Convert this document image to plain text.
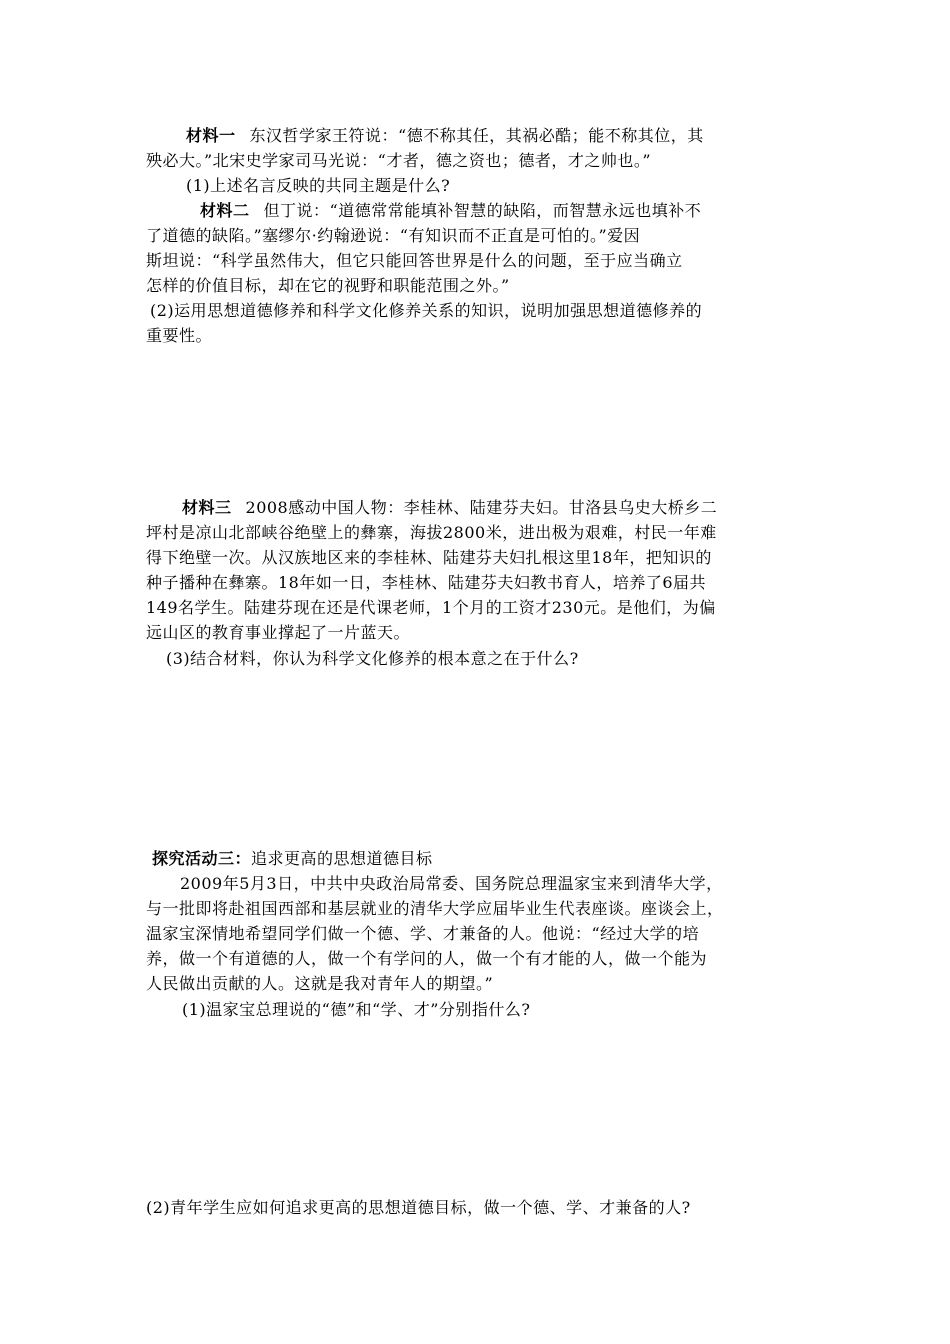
材料一 东汉哲学家王符说：“德不称其任，其祸必酷；能不称其位，其
殃必大。”北宋史学家司马光说：“才者，德之资也；德者，才之帅也。”
(1)上述名言反映的共同主题是什么?
材料二 但丁说：“道德常常能填补智慧的缺陷，而智慧永远也填补不
了道德的缺陷。”塞缪尔·约翰逊说：“有知识而不正直是可怕的。”爱因
斯坦说：“科学虽然伟大，但它只能回答世界是什么的问题，至于应当确立
怎样的价值目标，却在它的视野和职能范围之外。”
(2)运用思想道德修养和科学文化修养关系的知识，说明加强思想道德修养的
重要性。
材料三 2008感动中国人物：李桂林、陆建芬夫妇。甘洛县乌史大桥乡二
坪村是凉山北部峡谷绝壁上的彝寨，海拔2800米，进出极为艰难，村民一年难
得下绝壁一次。从汉族地区来的李桂林、陆建芬夫妇扎根这里18年，把知识的
种子播种在彝寨。18年如一日，李桂林、陆建芬夫妇教书育人，培养了6届共
149名学生。陆建芬现在还是代课老师，1个月的工资才230元。是他们，为偏
远山区的教育事业撑起了一片蓝天。
(3)结合材料，你认为科学文化修养的根本意之在于什么?
探究活动三：追求更高的思想道德目标
2009年5月3日，中共中央政治局常委、国务院总理温家宝来到清华大学，
与一批即将赴祖国西部和基层就业的清华大学应届毕业生代表座谈。座谈会上，
温家宝深情地希望同学们做一个德、学、才兼备的人。他说：“经过大学的培
养，做一个有道德的人，做一个有学问的人，做一个有才能的人，做一个能为
人民做出贡献的人。这就是我对青年人的期望。”
(1)温家宝总理说的“德”和“学、才”分别指什么?
(2)青年学生应如何追求更高的思想道德目标，做一个德、学、才兼备的人?
